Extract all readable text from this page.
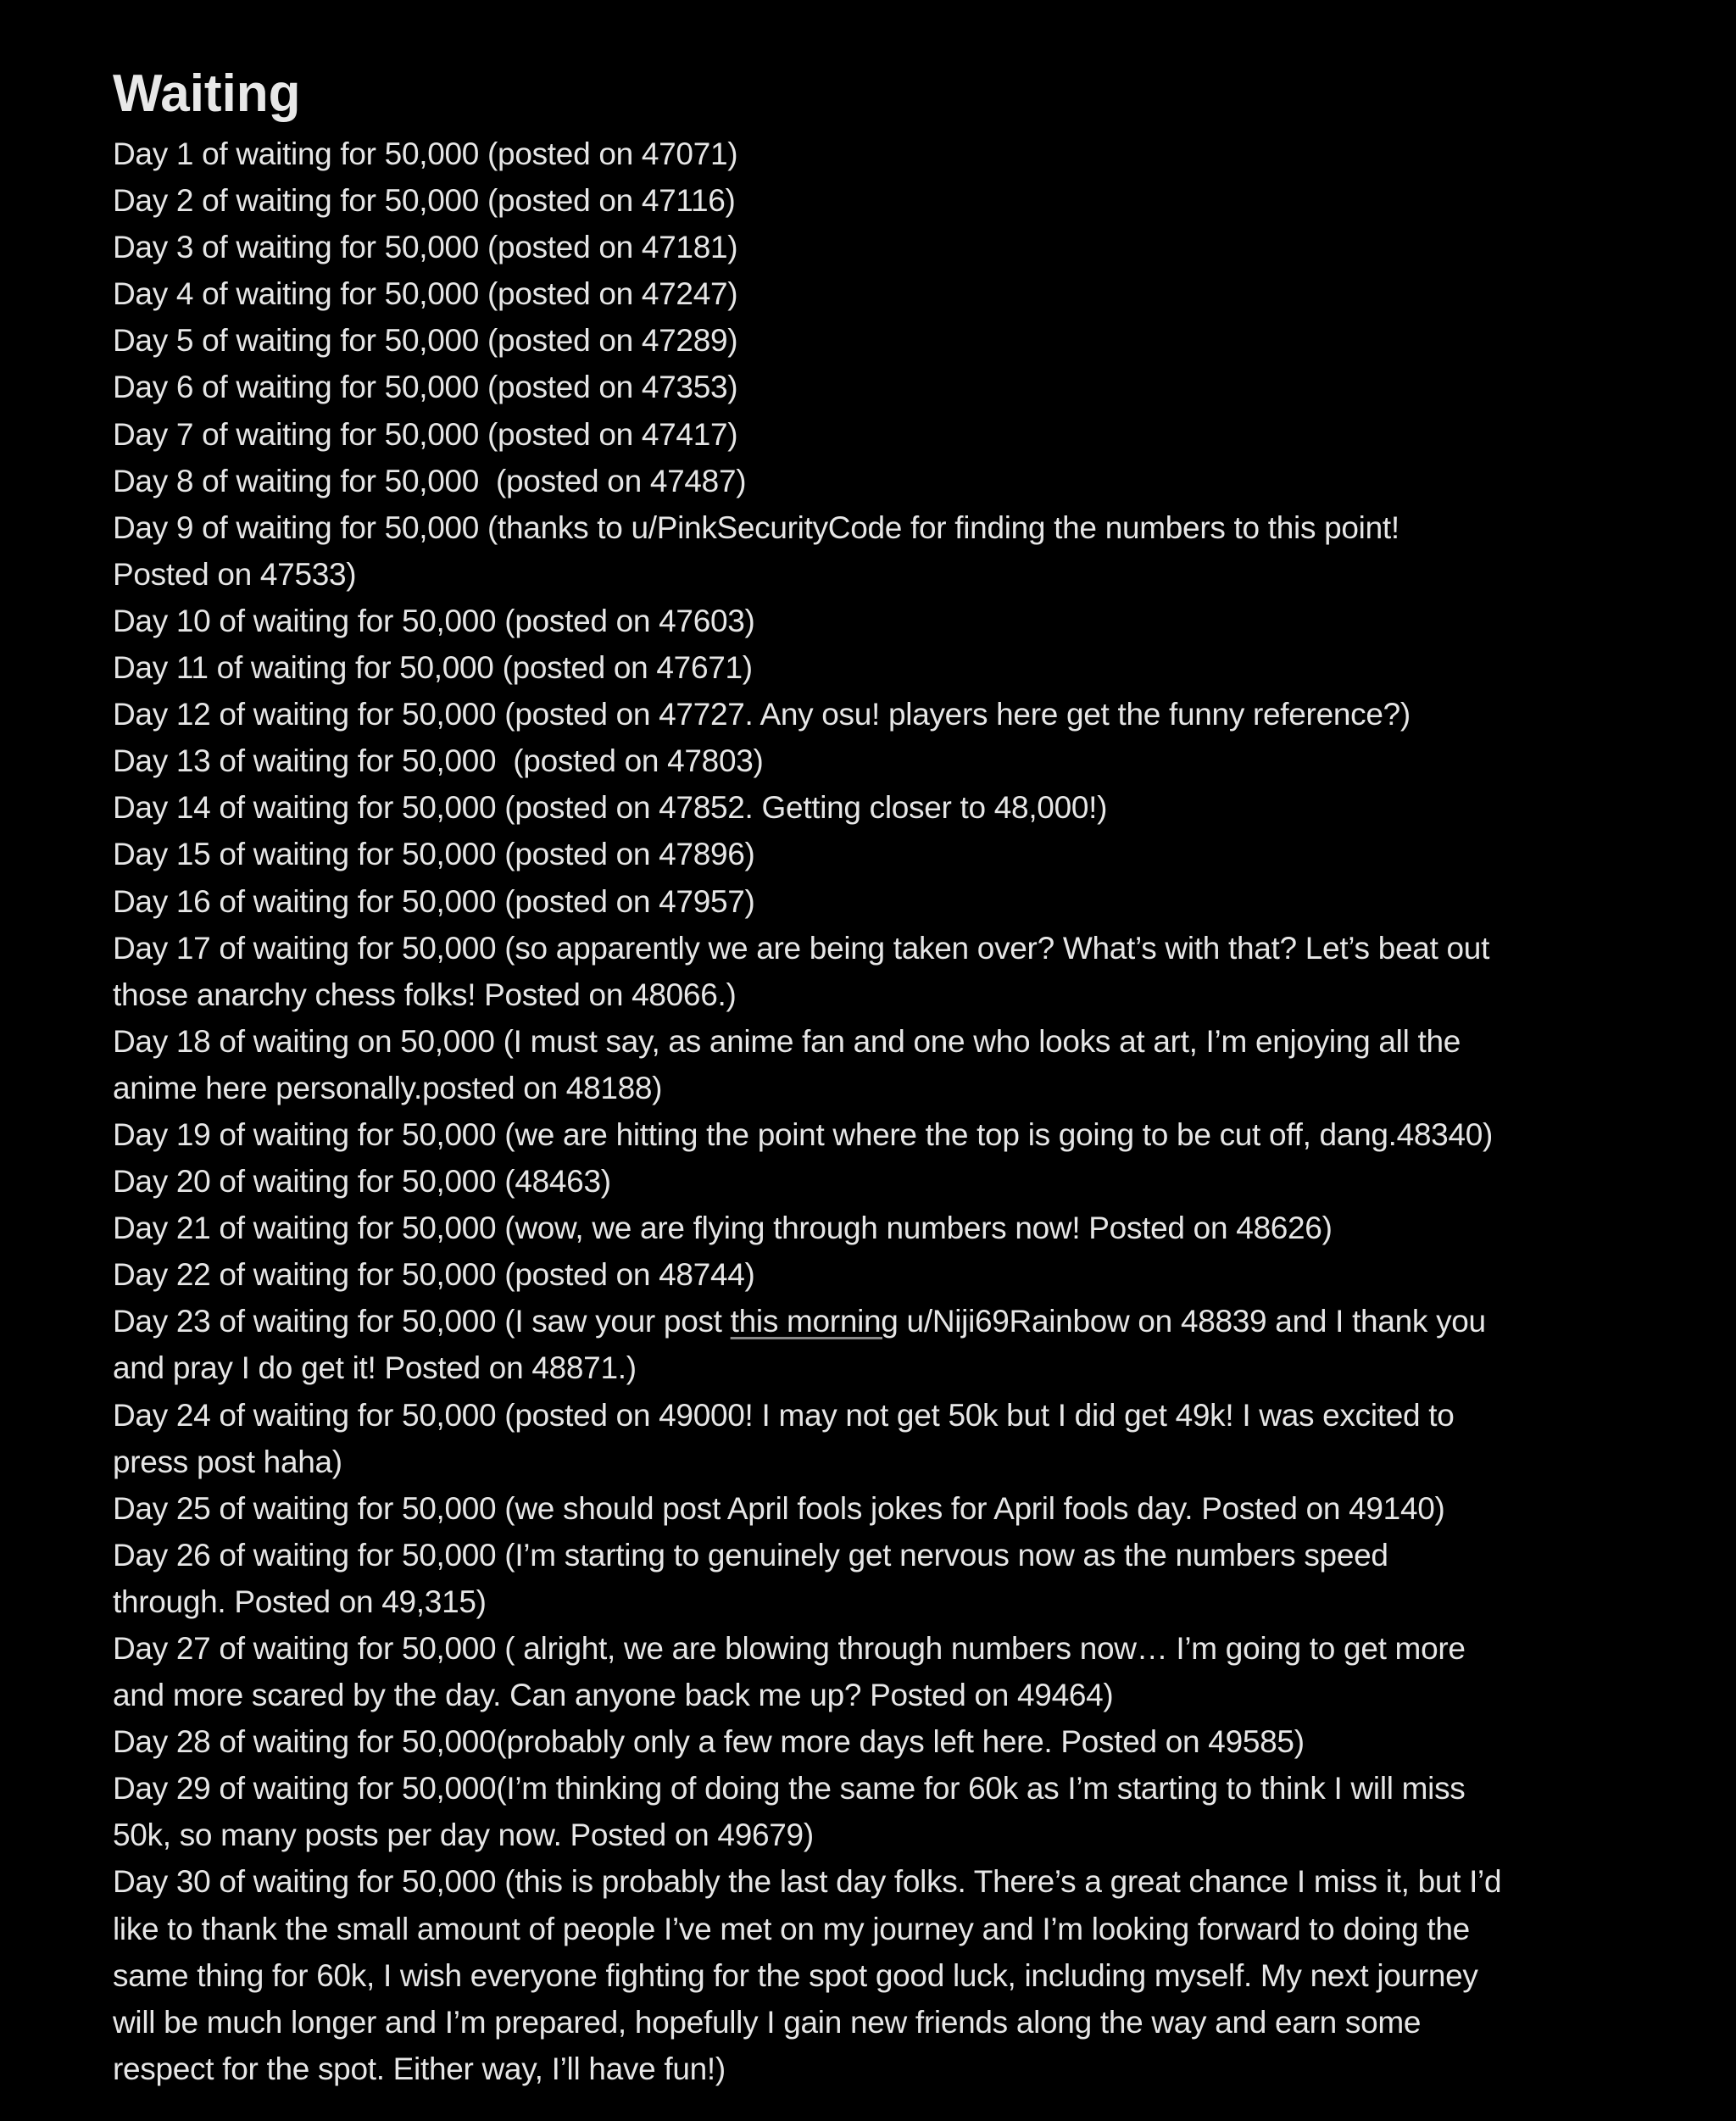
Waiting
Day 1 of waiting for 50,000 (posted on 47071)
Day 2 of waiting for 50,000 (posted on 47116)
Day 3 of waiting for 50,000 (posted on 47181)
Day 4 of waiting for 50,000 (posted on 47247)
Day 5 of waiting for 50,000 (posted on 47289)
Day 6 of waiting for 50,000 (posted on 47353)
Day 7 of waiting for 50,000 (posted on 47417)
Day 8 of waiting for 50,000  (posted on 47487)
Day 9 of waiting for 50,000 (thanks to u/PinkSecurityCode for finding the numbers to this point!
Posted on 47533)
Day 10 of waiting for 50,000 (posted on 47603)
Day 11 of waiting for 50,000 (posted on 47671)
Day 12 of waiting for 50,000 (posted on 47727. Any osu! players here get the funny reference?)
Day 13 of waiting for 50,000  (posted on 47803)
Day 14 of waiting for 50,000 (posted on 47852. Getting closer to 48,000!)
Day 15 of waiting for 50,000 (posted on 47896)
Day 16 of waiting for 50,000 (posted on 47957)
Day 17 of waiting for 50,000 (so apparently we are being taken over? What’s with that? Let’s beat out
those anarchy chess folks! Posted on 48066.)
Day 18 of waiting on 50,000 (I must say, as anime fan and one who looks at art, I’m enjoying all the
anime here personally.posted on 48188)
Day 19 of waiting for 50,000 (we are hitting the point where the top is going to be cut off, dang.48340)
Day 20 of waiting for 50,000 (48463)
Day 21 of waiting for 50,000 (wow, we are flying through numbers now! Posted on 48626)
Day 22 of waiting for 50,000 (posted on 48744)
Day 23 of waiting for 50,000 (I saw your post this morning u/Niji69Rainbow on 48839 and I thank you
and pray I do get it! Posted on 48871.)
Day 24 of waiting for 50,000 (posted on 49000! I may not get 50k but I did get 49k! I was excited to
press post haha)
Day 25 of waiting for 50,000 (we should post April fools jokes for April fools day. Posted on 49140)
Day 26 of waiting for 50,000 (I’m starting to genuinely get nervous now as the numbers speed
through. Posted on 49,315)
Day 27 of waiting for 50,000 ( alright, we are blowing through numbers now… I’m going to get more
and more scared by the day. Can anyone back me up? Posted on 49464)
Day 28 of waiting for 50,000(probably only a few more days left here. Posted on 49585)
Day 29 of waiting for 50,000(I’m thinking of doing the same for 60k as I’m starting to think I will miss
50k, so many posts per day now. Posted on 49679)
Day 30 of waiting for 50,000 (this is probably the last day folks. There’s a great chance I miss it, but I’d
like to thank the small amount of people I’ve met on my journey and I’m looking forward to doing the
same thing for 60k, I wish everyone fighting for the spot good luck, including myself. My next journey
will be much longer and I’m prepared, hopefully I gain new friends along the way and earn some
respect for the spot. Either way, I’ll have fun!)
